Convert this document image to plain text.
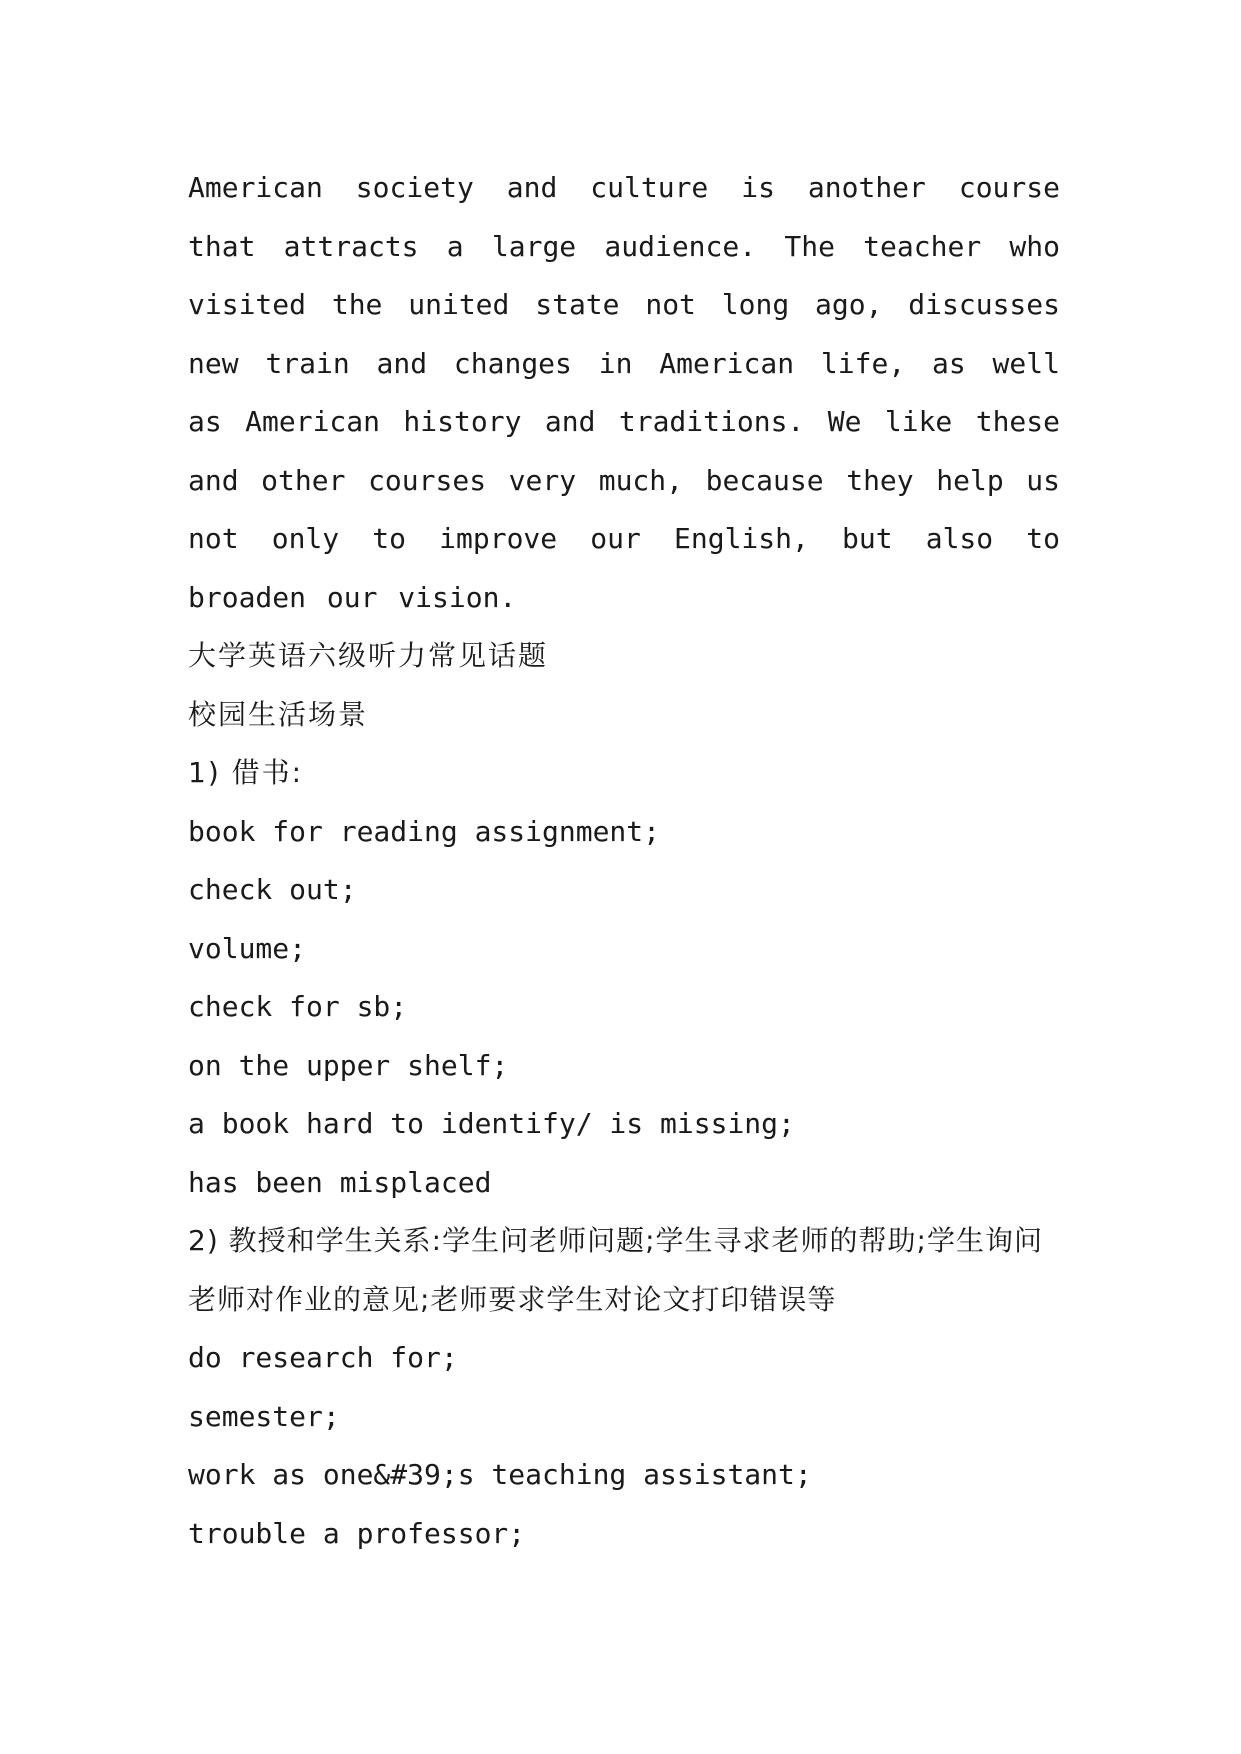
American society and culture is another course that attracts a large audience. The teacher who visited the united state not long ago, discusses new train and changes in American life, as well as American history and traditions. We like these and other courses very much, because they help us not only to improve our English, but also to broaden our vision.

大学英语六级听力常见话题

校园生活场景

1) 借书:

book for reading assignment;

check out;

volume;

check for sb;

on the upper shelf;

a book hard to identify/ is missing;

has been misplaced

2) 教授和学生关系:学生问老师问题;学生寻求老师的帮助;学生询问老师对作业的意见;老师要求学生对论文打印错误等

do research for;

semester;

work as one&#39;s teaching assistant;

trouble a professor;
